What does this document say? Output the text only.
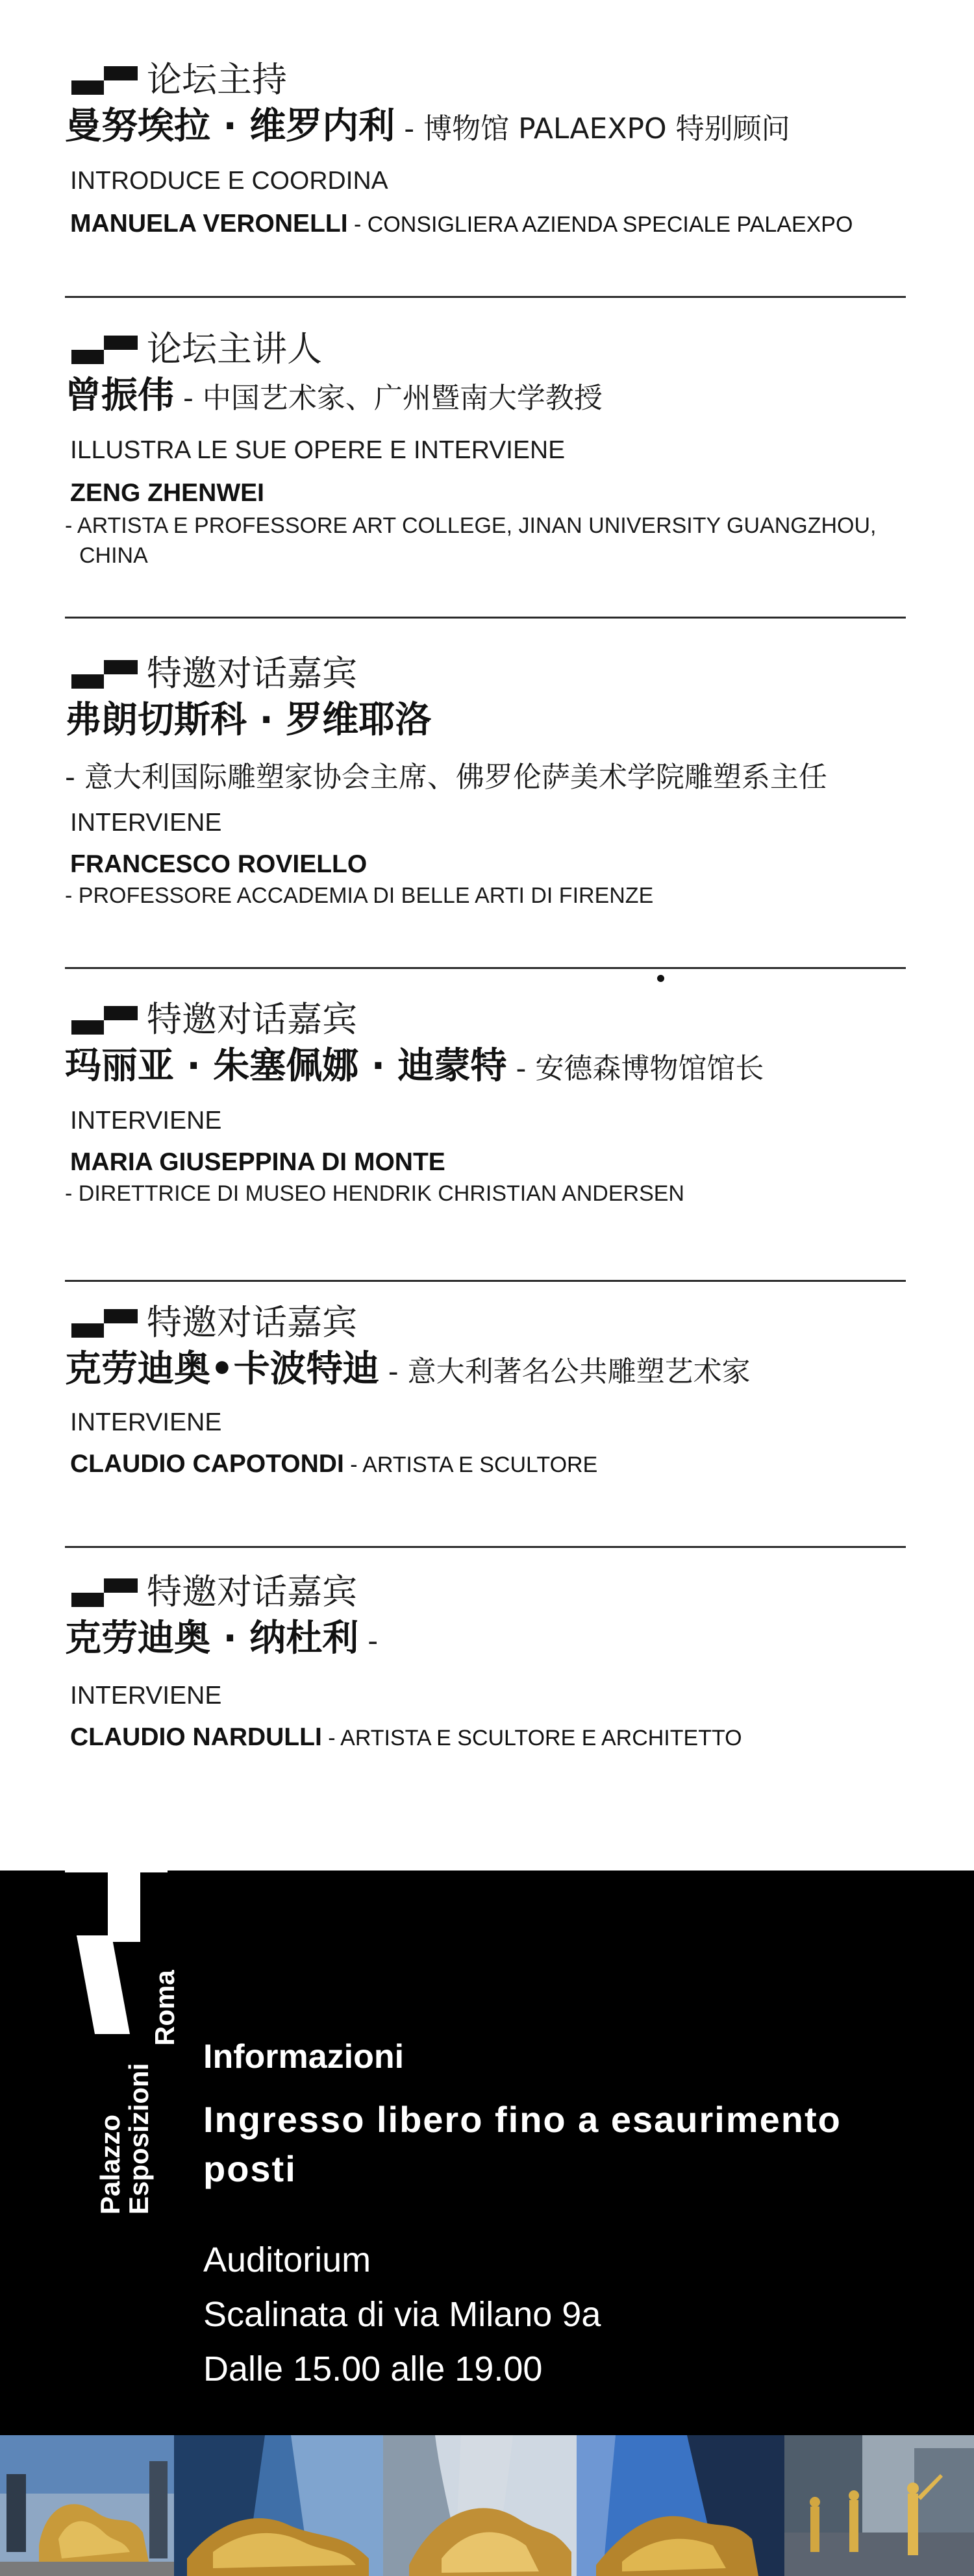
论坛主持
曼努埃拉 · 维罗内利 - 博物馆 PALAEXPO 特别顾问
INTRODUCE E COORDINA
MANUELA VERONELLI - CONSIGLIERA AZIENDA SPECIALE PALAEXPO
论坛主讲人
曾振伟 - 中国艺术家、广州暨南大学教授
ILLUSTRA LE SUE OPERE E INTERVIENE
ZENG ZHENWEI
- ARTISTA E PROFESSORE ART COLLEGE, JINAN UNIVERSITY GUANGZHOU,
CHINA
特邀对话嘉宾
弗朗切斯科 · 罗维耶洛
- 意大利国际雕塑家协会主席、佛罗伦萨美术学院雕塑系主任
INTERVIENE
FRANCESCO ROVIELLO
- PROFESSORE ACCADEMIA DI BELLE ARTI DI FIRENZE
特邀对话嘉宾
玛丽亚 · 朱塞佩娜 · 迪蒙特 - 安德森博物馆馆长
INTERVIENE
MARIA GIUSEPPINA DI MONTE
- DIRETTRICE DI MUSEO HENDRIK CHRISTIAN ANDERSEN
特邀对话嘉宾
克劳迪奥•卡波特迪 - 意大利著名公共雕塑艺术家
INTERVIENE
CLAUDIO CAPOTONDI - ARTISTA E SCULTORE
特邀对话嘉宾
克劳迪奥 · 纳杜利 -
INTERVIENE
CLAUDIO NARDULLI - ARTISTA E SCULTORE E ARCHITETTO
Palazzo
Esposizioni
Roma
Informazioni
Ingresso libero fino a esaurimento
posti
Auditorium
Scalinata di via Milano 9a
Dalle 15.00 alle 19.00
